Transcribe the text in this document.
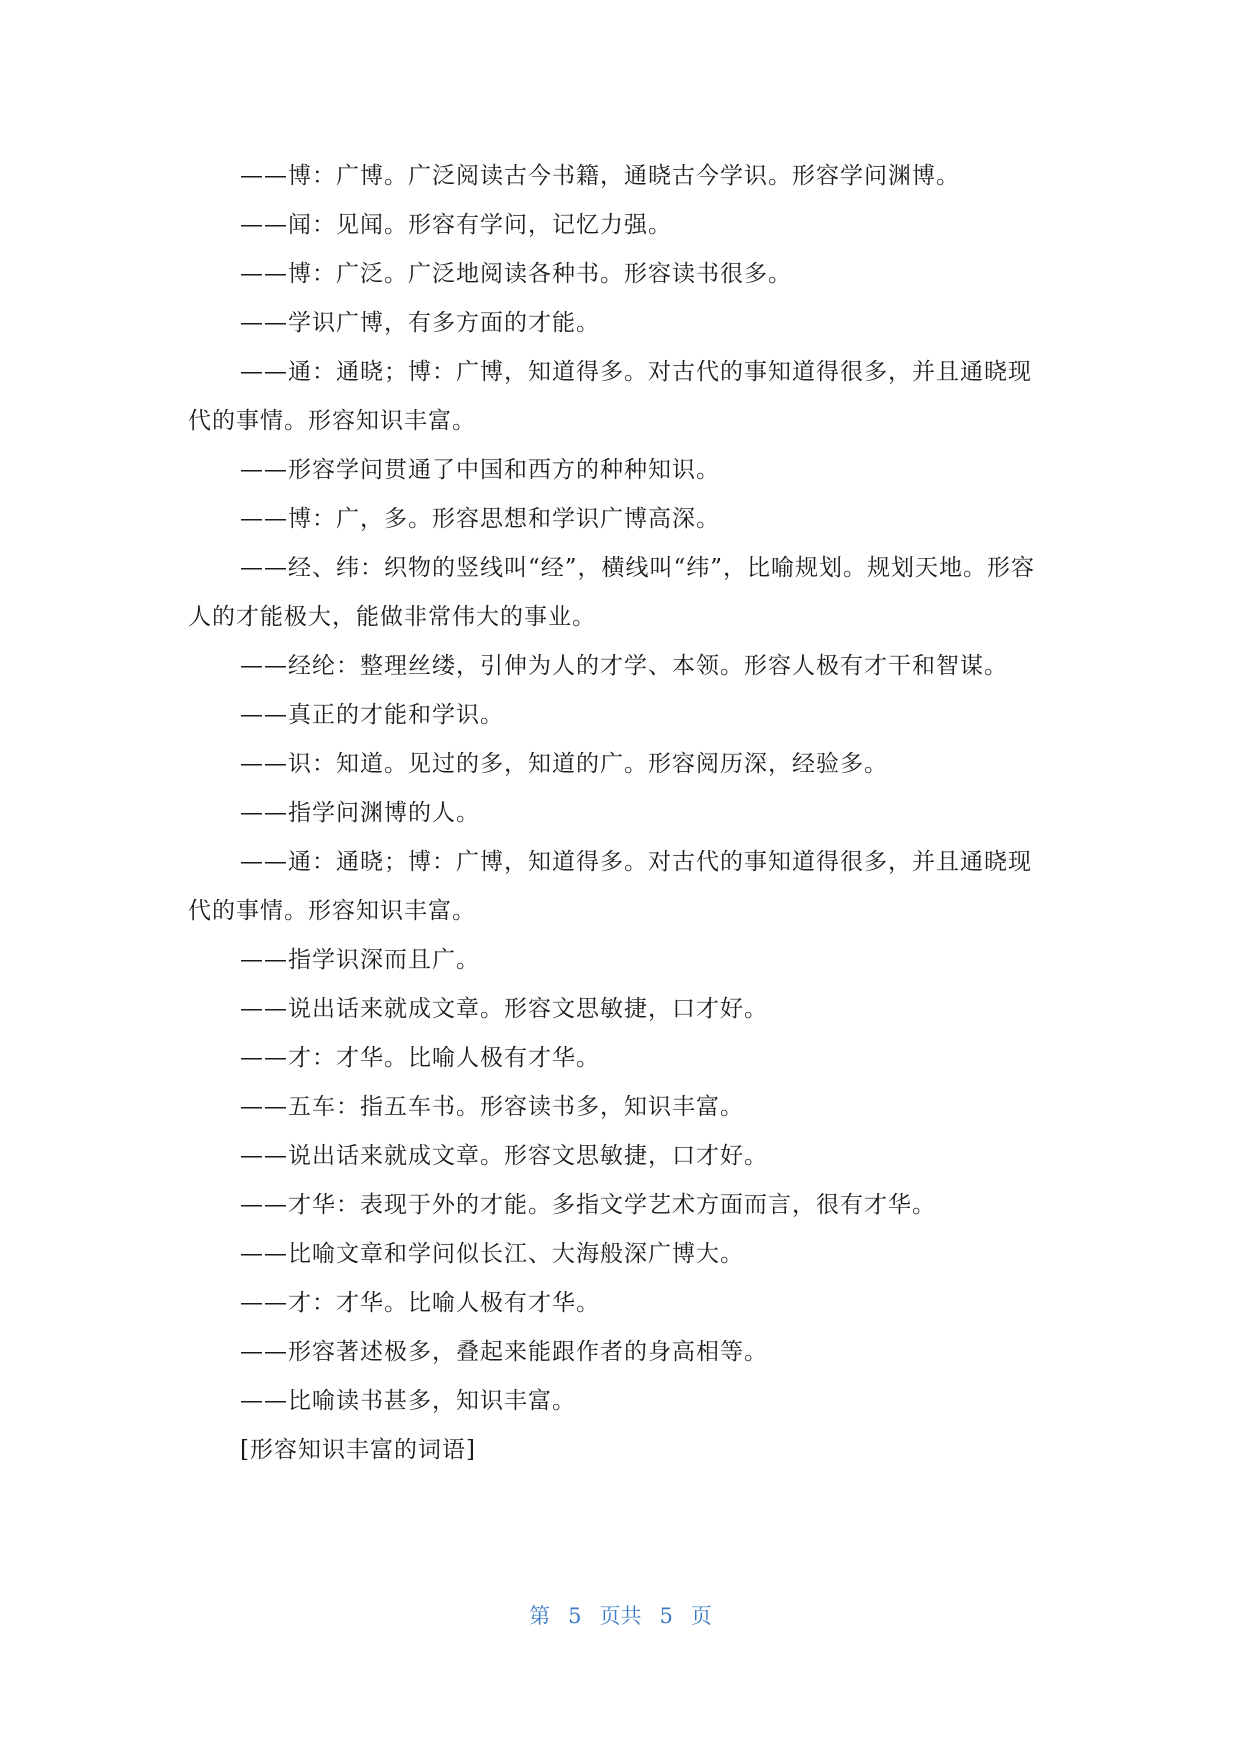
——博：广博。广泛阅读古今书籍，通晓古今学识。形容学问渊博。

——闻：见闻。形容有学问，记忆力强。

——博：广泛。广泛地阅读各种书。形容读书很多。

——学识广博，有多方面的才能。

——通：通晓；博：广博，知道得多。对古代的事知道得很多，并且通晓现代的事情。形容知识丰富。

——形容学问贯通了中国和西方的种种知识。

——博：广，多。形容思想和学识广博高深。

——经、纬：织物的竖线叫“经”，横线叫“纬”，比喻规划。规划天地。形容人的才能极大，能做非常伟大的事业。

——经纶：整理丝缕，引伸为人的才学、本领。形容人极有才干和智谋。

——真正的才能和学识。

——识：知道。见过的多，知道的广。形容阅历深，经验多。

——指学问渊博的人。

——通：通晓；博：广博，知道得多。对古代的事知道得很多，并且通晓现代的事情。形容知识丰富。

——指学识深而且广。

——说出话来就成文章。形容文思敏捷，口才好。

——才：才华。比喻人极有才华。

——五车：指五车书。形容读书多，知识丰富。

——说出话来就成文章。形容文思敏捷，口才好。

——才华：表现于外的才能。多指文学艺术方面而言，很有才华。

——比喻文章和学问似长江、大海般深广博大。

——才：才华。比喻人极有才华。

——形容著述极多，叠起来能跟作者的身高相等。

——比喻读书甚多，知识丰富。

[形容知识丰富的词语]

第 5 页共 5 页
